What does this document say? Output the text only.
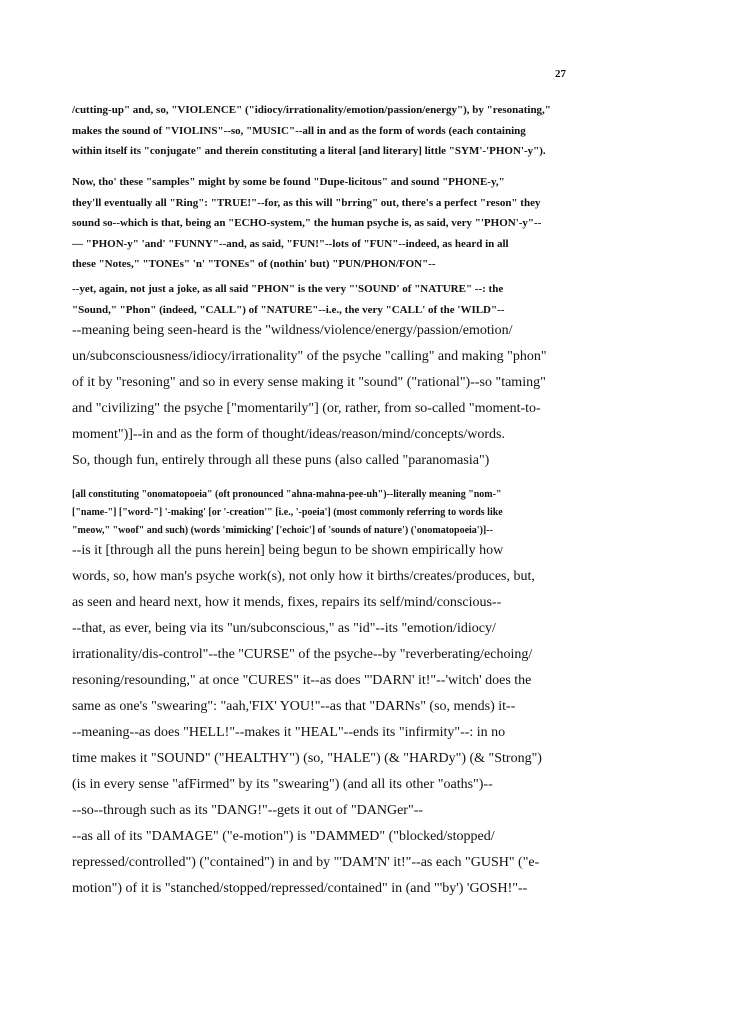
27
/cutting-up" and, so, "VIOLENCE" ("idiocy/irrationality/emotion/passion/energy"), by "resonating,"
makes the sound of "VIOLINS"--so, "MUSIC"--all in and as the form of words (each containing
within itself its "conjugate" and therein constituting a literal [and literary] little "SYM'-'PHON'-y").
Now, tho' these "samples" might by some be found "Dupe-licitous" and sound "PHONE-y,"
they'll eventually all "Ring": "TRUE!"--for, as this will "brring" out, there's a perfect "reson" they
sound so--which is that, being an "ECHO-system," the human psyche is, as said, very "'PHON'-y"--
— "PHON-y" 'and' "FUNNY"--and, as said, "FUN!"--lots of "FUN"--indeed, as heard in all
these "Notes," "TONEs" 'n' "TONEs" of (nothin' but) "PUN/PHON/FON"--
--yet, again, not just a joke, as all said "PHON" is the very "'SOUND' of "NATURE" --: the
"Sound," "Phon" (indeed, "CALL") of "NATURE"--i.e., the very "CALL' of the 'WILD"--
--meaning being seen-heard is the "wildness/violence/energy/passion/emotion/
un/subconsciousness/idiocy/irrationality" of the psyche "calling" and making "phon"
of it by "resoning" and so in every sense making it "sound" ("rational")--so "taming"
and "civilizing" the psyche ["momentarily"] (or, rather, from so-called "moment-to-
moment")]--in and as the form of thought/ideas/reason/mind/concepts/words.
So, though fun, entirely through all these puns (also called "paranomasia")
[all constituting "onomatopoeia" (oft pronounced "ahna-mahna-pee-uh")--literally meaning "nom-"
["name-"] ["word-"] '-making' [or '-creation'" [i.e., '-poeia'] (most commonly referring to words like
"meow," "woof" and such) (words 'mimicking' ['echoic'] of 'sounds of nature') ('onomatopoeia')]--
--is it [through all the puns herein] being begun to be shown empirically how
words, so, how man's psyche work(s), not only how it births/creates/produces, but,
as seen and heard next, how it mends, fixes, repairs its self/mind/conscious--
--that, as ever, being via its "un/subconscious," as "id"--its "emotion/idiocy/
irrationality/dis-control"--the "CURSE" of the psyche--by "reverberating/echoing/
resoning/resounding," at once "CURES" it--as does "'DARN' it!"--'witch' does the
same as one's "swearing": "aah,'FIX' YOU!"--as that "DARNs" (so, mends) it--
--meaning--as does "HELL!"--makes it "HEAL"--ends its "infirmity"--: in no
time makes it "SOUND" ("HEALTHY") (so, "HALE") (& "HARDy") (& "Strong")
(is in every sense "afFirmed" by its "swearing") (and all its other "oaths")--
--so--through such as its "DANG!"--gets it out of "DANGer"--
--as all of its "DAMAGE" ("e-motion") is "DAMMED" ("blocked/stopped/
repressed/controlled") ("contained") in and by "'DAM'N' it!"--as each "GUSH" ("e-
motion") of it is "stanched/stopped/repressed/contained" in (and "'by') 'GOSH!"--
